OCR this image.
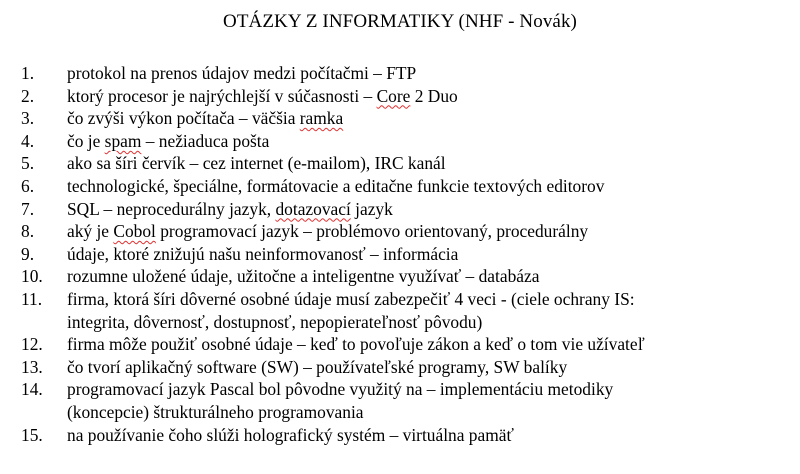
OTÁZKY Z INFORMATIKY (NHF - Novák)
1. protokol na prenos údajov medzi počítačmi – FTP
2. ktorý procesor je najrýchlejší v súčasnosti – Core 2 Duo
3. čo zvýši výkon počítača – väčšia ramka
4. čo je spam – nežiaduca pošta
5. ako sa šíri červík – cez internet (e-mailom), IRC kanál
6. technologické, špeciálne, formátovacie a editačne funkcie textových editorov
7. SQL – neprocedurálny jazyk, dotazovací jazyk
8. aký je Cobol programovací jazyk – problémovo orientovaný, procedurálny
9. údaje, ktoré znižujú našu neinformovanosť – informácia
10. rozumne uložené údaje, užitočne a inteligentne využívať – databáza
11. firma, ktorá šíri dôverné osobné údaje musí zabezpečiť 4 veci - (ciele ochrany IS:
integrita, dôvernosť, dostupnosť, nepopierateľnosť pôvodu)
12. firma môže použiť osobné údaje – keď to povoľuje zákon a keď o tom vie užívateľ
13. čo tvorí aplikačný software (SW) – používateľské programy, SW balíky
14. programovací jazyk Pascal bol pôvodne využitý na – implementáciu metodiky
(koncepcie) štrukturálneho programovania
15. na používanie čoho slúži holografický systém – virtuálna pamäť
